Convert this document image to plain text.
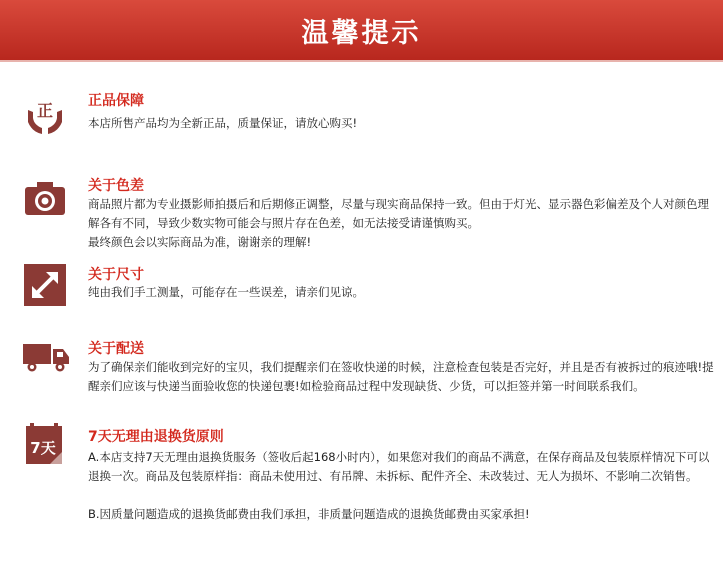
温馨提示
正 正品保障

本店所售产品均为全新正品，质量保证，请放心购买!

关于色差

商品照片都为专业摄影师拍摄后和后期修正调整，尽量与现实商品保持一致。但由于灯光、显示器色彩偏差及个人对颜色理解各有不同，导致少数实物可能会与照片存在色差，如无法接受请谨慎购买。

最终颜色会以实际商品为准，谢谢亲的理解!

关于尺寸

纯由我们手工测量，可能存在一些误差，请亲们见谅。

关于配送

为了确保亲们能收到完好的宝贝，我们提醒亲们在签收快递的时候，注意检查包装是否完好，并且是否有被拆过的痕迹哦!提醒亲们应该与快递当面验收您的快递包裹!如检验商品过程中发现缺货、少货，可以拒签并第一时间联系我们。

7天
7天无理由退换货原则

A.本店支持7天无理由退换货服务（签收后起168小时内），如果您对我们的商品不满意，在保存商品及包装原样情况下可以退换一次。商品及包装原样指：商品未使用过、有吊牌、未拆标、配件齐全、未改装过、无人为损坏、不影响二次销售。

B.因质量问题造成的退换货邮费由我们承担，非质量问题造成的退换货邮费由买家承担!
